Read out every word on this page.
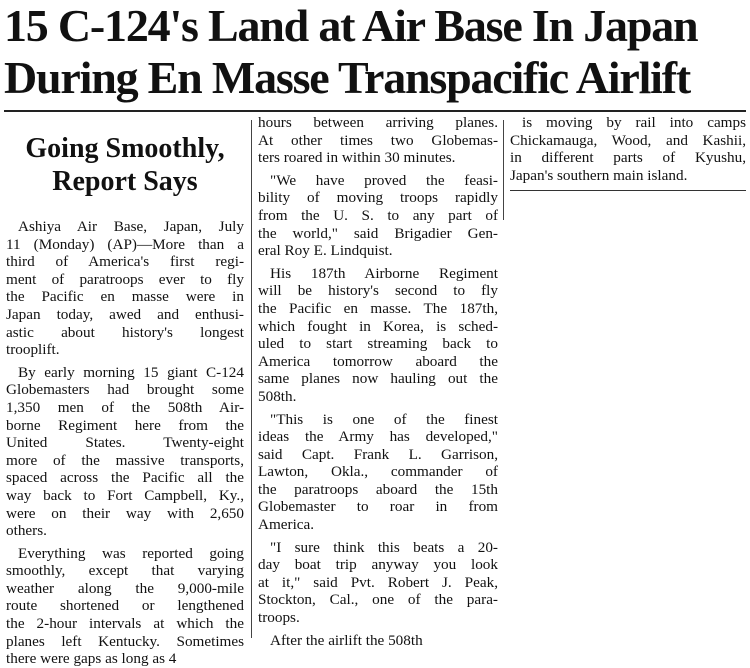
15 C-124's Land at Air Base In Japan
During En Masse Transpacific Airlift
Going Smoothly,
Report Says

Ashiya Air Base, Japan, July
11 (Monday) (AP)—More than a
third of America's first regi-
ment of paratroops ever to fly
the Pacific en masse were in
Japan today, awed and enthusi-
astic about history's longest
trooplift.

By early morning 15 giant C-124
Globemasters had brought some
1,350 men of the 508th Air-
borne Regiment here from the
United States. Twenty-eight
more of the massive transports,
spaced across the Pacific all the
way back to Fort Campbell, Ky.,
were on their way with 2,650
others.

Everything was reported going
smoothly, except that varying
weather along the 9,000-mile
route shortened or lengthened
the 2-hour intervals at which the
planes left Kentucky. Sometimes
there were gaps as long as 4

hours between arriving planes.
At other times two Globemas-
ters roared in within 30 minutes.

"We have proved the feasi-
bility of moving troops rapidly
from the U. S. to any part of
the world," said Brigadier Gen-
eral Roy E. Lindquist.

His 187th Airborne Regiment
will be history's second to fly
the Pacific en masse. The 187th,
which fought in Korea, is sched-
uled to start streaming back to
America tomorrow aboard the
same planes now hauling out the
508th.

"This is one of the finest
ideas the Army has developed,"
said Capt. Frank L. Garrison,
Lawton, Okla., commander of
the paratroops aboard the 15th
Globemaster to roar in from
America.

"I sure think this beats a 20-
day boat trip anyway you look
at it," said Pvt. Robert J. Peak,
Stockton, Cal., one of the para-
troops.

After the airlift the 508th

is moving by rail into camps
Chickamauga, Wood, and Kashii,
in different parts of Kyushu,
Japan's southern main island.
